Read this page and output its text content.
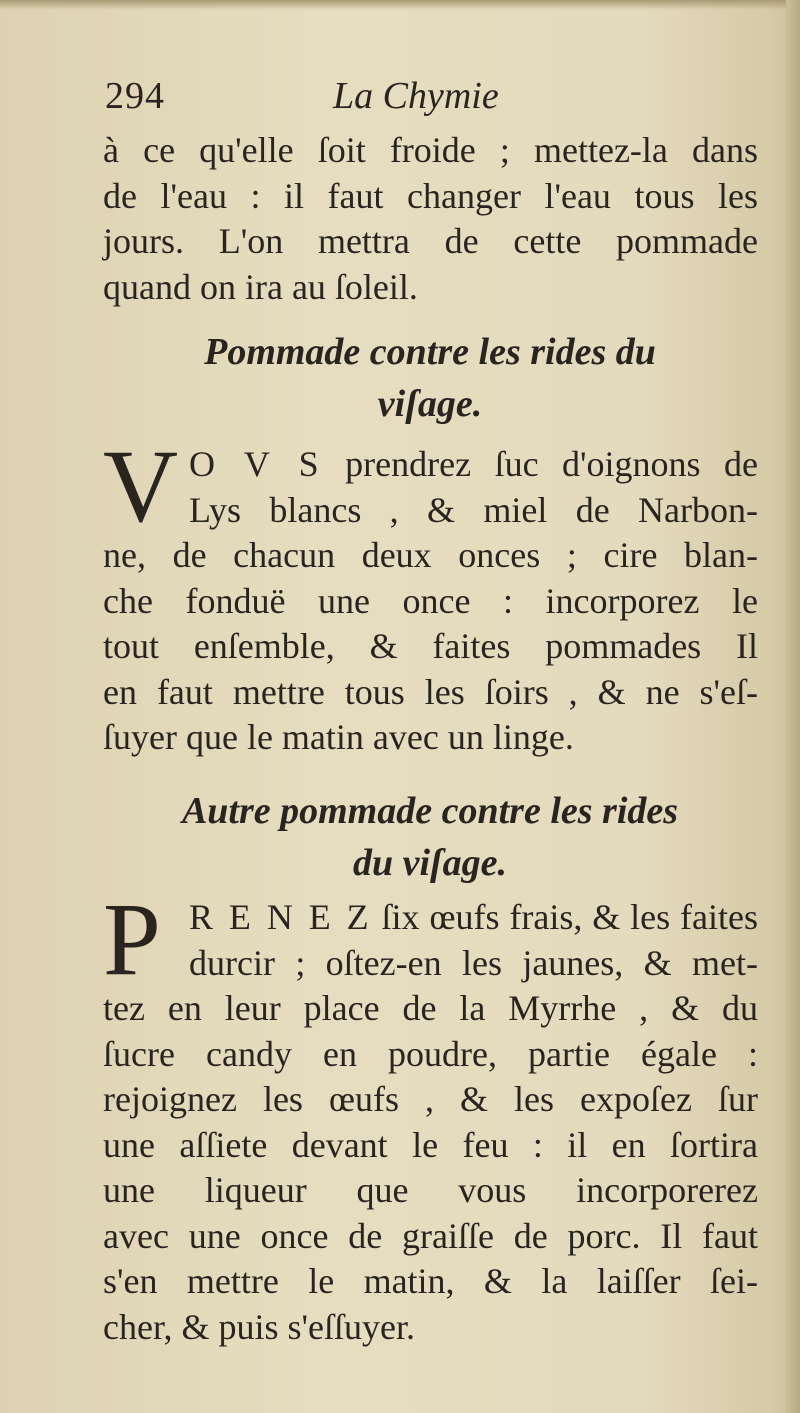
294	La Chymie
à ce qu'elle ſoit froide ; mettez-la dans
de l'eau : il faut changer l'eau tous les
jours. L'on mettra de cette pommade
quand on ira au ſoleil.
Pommade contre les rides du
viſage.
V O V S prendrez ſuc d'oignons de
Lys blancs , & miel de Narbon-
ne, de chacun deux onces ; cire blan-
che fonduë une once : incorporez le
tout enſemble, & faites pommades Il
en faut mettre tous les ſoirs , & ne s'eſ-
ſuyer que le matin avec un linge.
Autre pommade contre les rides
du viſage.
P R E N E Z ſix œufs frais, & les faites
durcir ; oſtez-en les jaunes, & met-
tez en leur place de la Myrrhe , & du
ſucre candy en poudre, partie égale :
rejoignez les œufs , & les expoſez ſur
une aſſiete devant le feu : il en ſortira
une liqueur que vous incorporerez
avec une once de graiſſe de porc. Il faut
s'en mettre le matin, & la laiſſer ſei-
cher, & puis s'eſſuyer.
